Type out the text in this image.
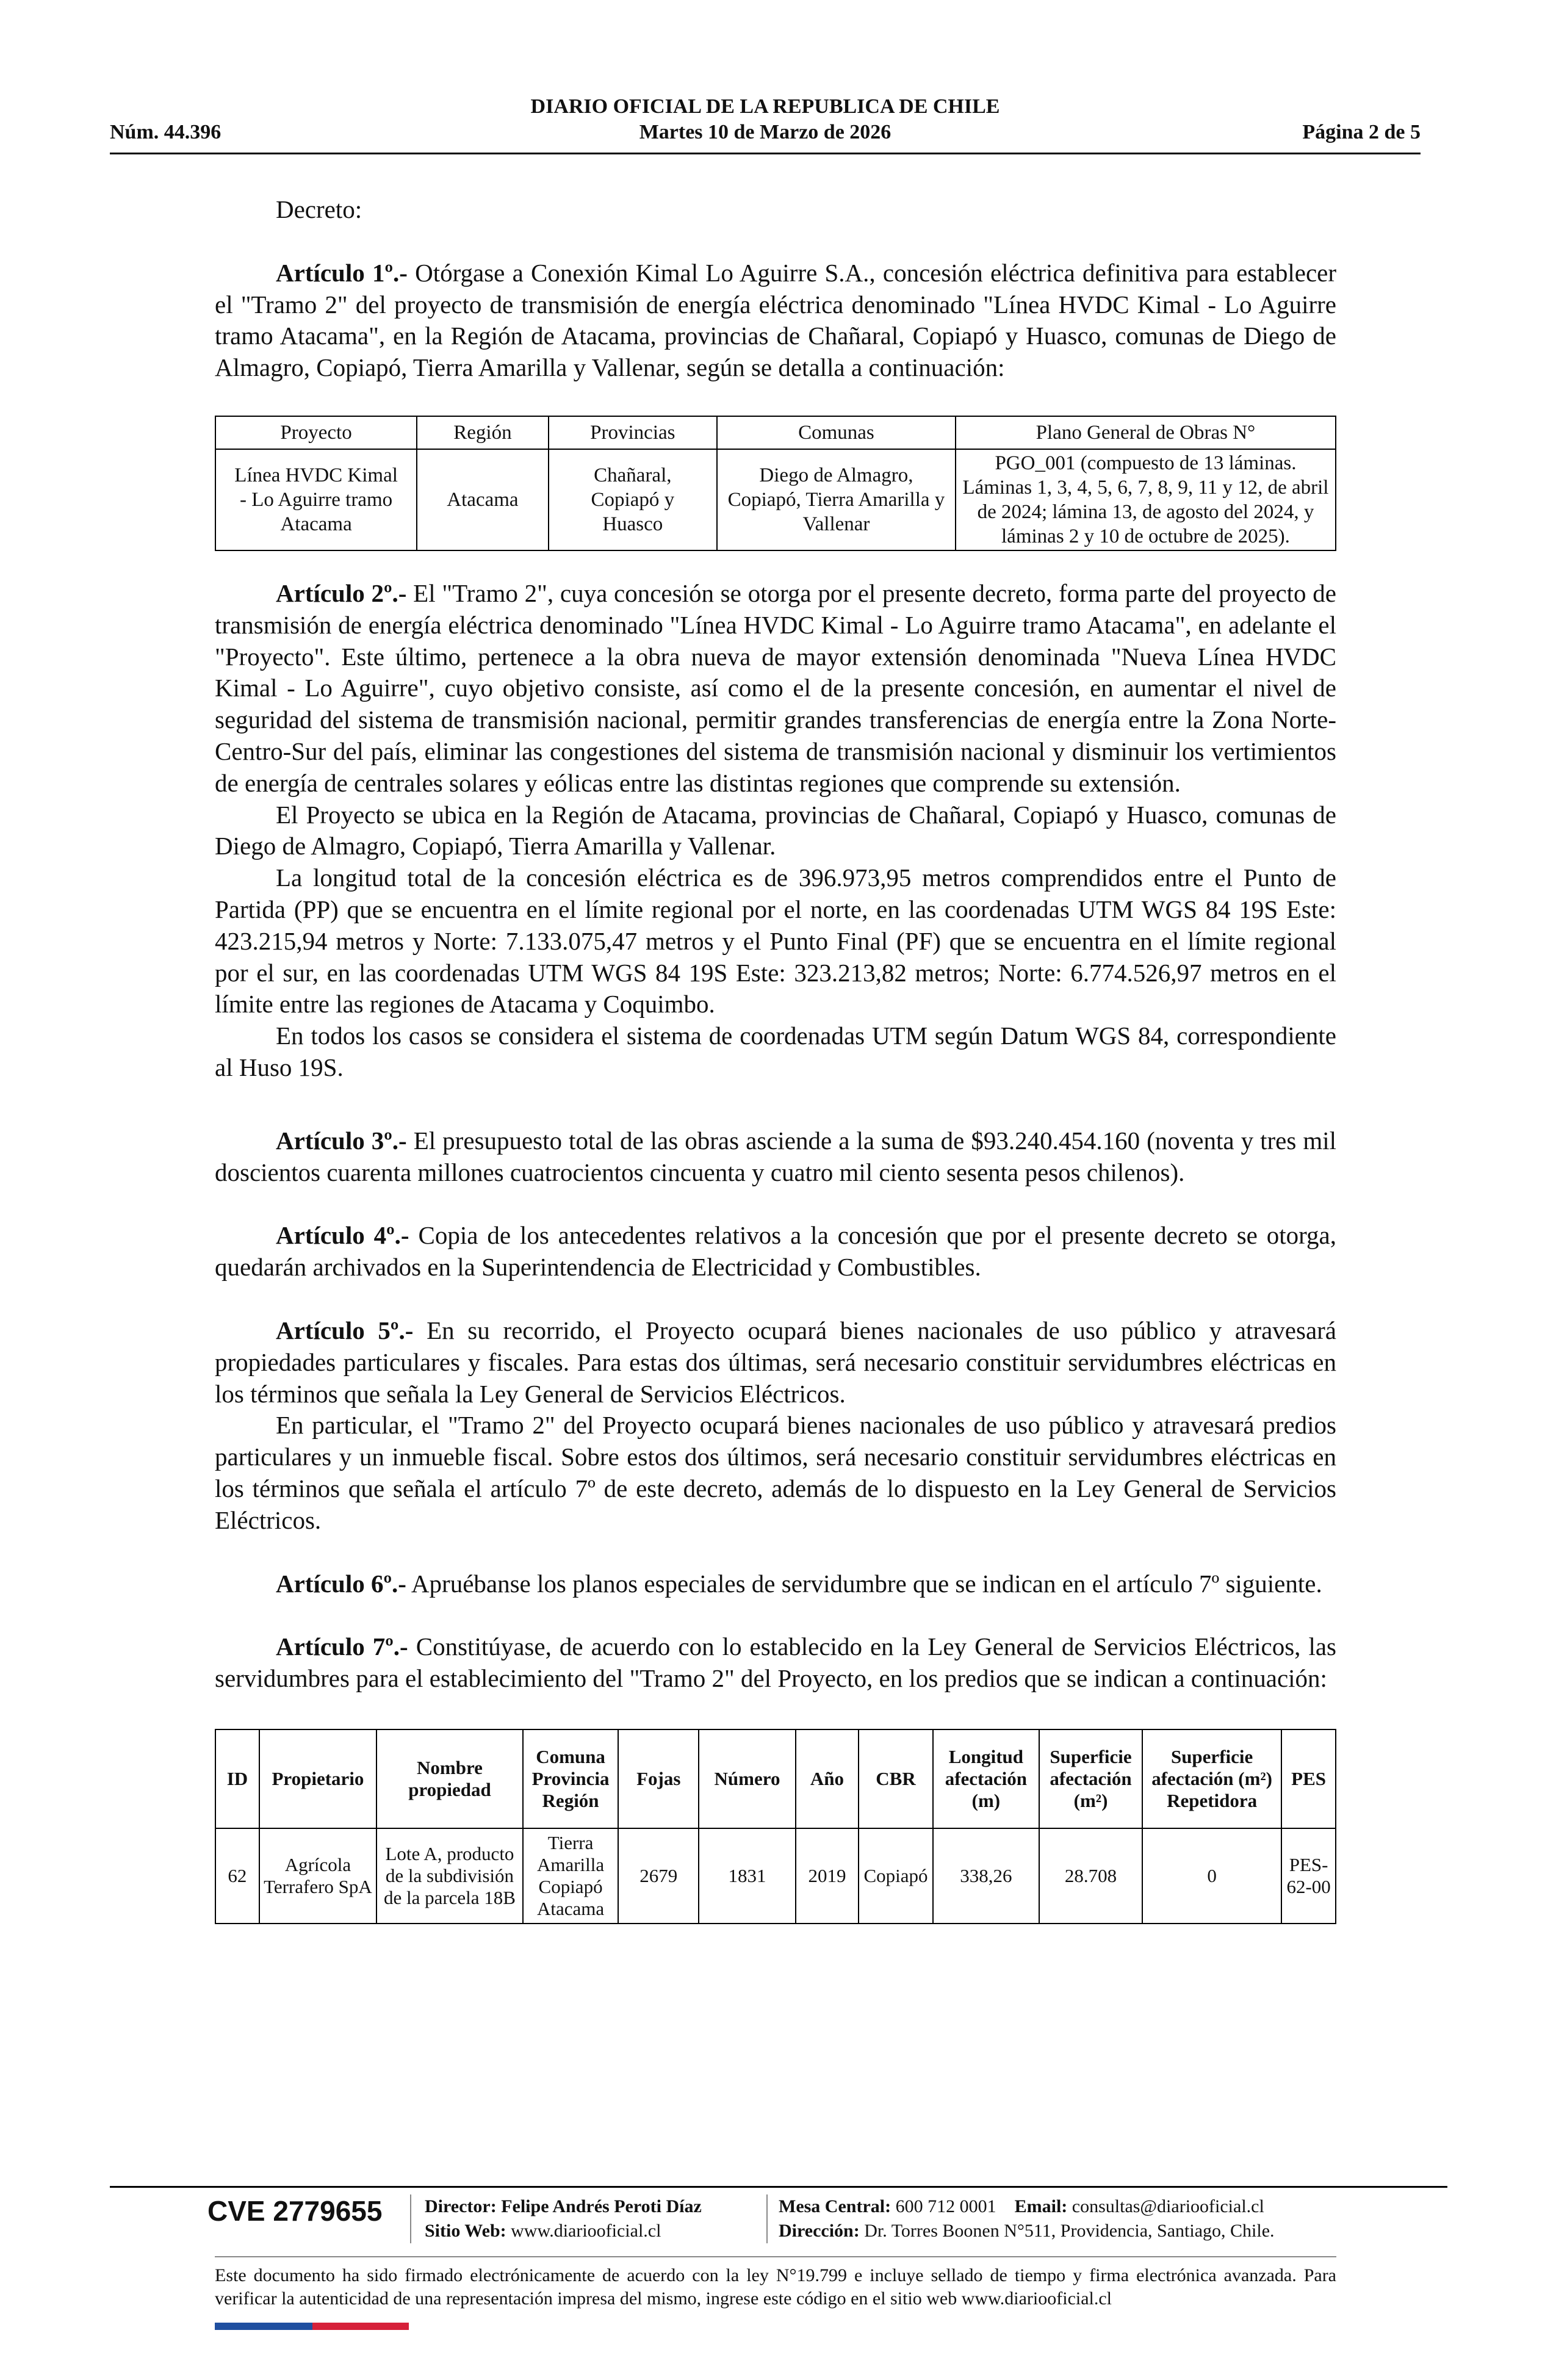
DIARIO OFICIAL DE LA REPUBLICA DE CHILE
Martes 10 de Marzo de 2026
Núm. 44.396	Página 2 de 5

Decreto:

Artículo 1º.- Otórgase a Conexión Kimal Lo Aguirre S.A., concesión eléctrica definitiva para establecer el "Tramo 2" del proyecto de transmisión de energía eléctrica denominado "Línea HVDC Kimal - Lo Aguirre tramo Atacama", en la Región de Atacama, provincias de Chañaral, Copiapó y Huasco, comunas de Diego de Almagro, Copiapó, Tierra Amarilla y Vallenar, según se detalla a continuación:

Proyecto	Región	Provincias	Comunas	Plano General de Obras N°
Línea HVDC Kimal - Lo Aguirre tramo Atacama	Atacama	Chañaral, Copiapó y Huasco	Diego de Almagro, Copiapó, Tierra Amarilla y Vallenar	PGO_001 (compuesto de 13 láminas. Láminas 1, 3, 4, 5, 6, 7, 8, 9, 11 y 12, de abril de 2024; lámina 13, de agosto del 2024, y láminas 2 y 10 de octubre de 2025).

Artículo 2º.- El "Tramo 2", cuya concesión se otorga por el presente decreto, forma parte del proyecto de transmisión de energía eléctrica denominado "Línea HVDC Kimal - Lo Aguirre tramo Atacama", en adelante el "Proyecto". Este último, pertenece a la obra nueva de mayor extensión denominada "Nueva Línea HVDC Kimal - Lo Aguirre", cuyo objetivo consiste, así como el de la presente concesión, en aumentar el nivel de seguridad del sistema de transmisión nacional, permitir grandes transferencias de energía entre la Zona Norte-Centro-Sur del país, eliminar las congestiones del sistema de transmisión nacional y disminuir los vertimientos de energía de centrales solares y eólicas entre las distintas regiones que comprende su extensión.

El Proyecto se ubica en la Región de Atacama, provincias de Chañaral, Copiapó y Huasco, comunas de Diego de Almagro, Copiapó, Tierra Amarilla y Vallenar.

La longitud total de la concesión eléctrica es de 396.973,95 metros comprendidos entre el Punto de Partida (PP) que se encuentra en el límite regional por el norte, en las coordenadas UTM WGS 84 19S Este: 423.215,94 metros y Norte: 7.133.075,47 metros y el Punto Final (PF) que se encuentra en el límite regional por el sur, en las coordenadas UTM WGS 84 19S Este: 323.213,82 metros; Norte: 6.774.526,97 metros en el límite entre las regiones de Atacama y Coquimbo.

En todos los casos se considera el sistema de coordenadas UTM según Datum WGS 84, correspondiente al Huso 19S.

Artículo 3º.- El presupuesto total de las obras asciende a la suma de $93.240.454.160 (noventa y tres mil doscientos cuarenta millones cuatrocientos cincuenta y cuatro mil ciento sesenta pesos chilenos).

Artículo 4º.- Copia de los antecedentes relativos a la concesión que por el presente decreto se otorga, quedarán archivados en la Superintendencia de Electricidad y Combustibles.

Artículo 5º.- En su recorrido, el Proyecto ocupará bienes nacionales de uso público y atravesará propiedades particulares y fiscales. Para estas dos últimas, será necesario constituir servidumbres eléctricas en los términos que señala la Ley General de Servicios Eléctricos.

En particular, el "Tramo 2" del Proyecto ocupará bienes nacionales de uso público y atravesará predios particulares y un inmueble fiscal. Sobre estos dos últimos, será necesario constituir servidumbres eléctricas en los términos que señala el artículo 7º de este decreto, además de lo dispuesto en la Ley General de Servicios Eléctricos.

Artículo 6º.- Apruébanse los planos especiales de servidumbre que se indican en el artículo 7º siguiente.

Artículo 7º.- Constitúyase, de acuerdo con lo establecido en la Ley General de Servicios Eléctricos, las servidumbres para el establecimiento del "Tramo 2" del Proyecto, en los predios que se indican a continuación:

ID	Propietario	Nombre propiedad	Comuna Provincia Región	Fojas	Número	Año	CBR	Longitud afectación (m)	Superficie afectación (m²)	Superficie afectación (m²) Repetidora	PES
62	Agrícola Terrafero SpA	Lote A, producto de la subdivisión de la parcela 18B	Tierra Amarilla Copiapó Atacama	2679	1831	2019	Copiapó	338,26	28.708	0	PES-62-00
CVE 2779655 Director: Felipe Andrés Peroti Díaz
Sitio Web: www.diariooficial.cl
Mesa Central: 600 712 0001 Email: consultas@diariooficial.cl
Dirección: Dr. Torres Boonen N°511, Providencia, Santiago, Chile.
Este documento ha sido firmado electrónicamente de acuerdo con la ley N°19.799 e incluye sellado de tiempo y firma electrónica avanzada. Para verificar la autenticidad de una representación impresa del mismo, ingrese este código en el sitio web www.diariooficial.cl
